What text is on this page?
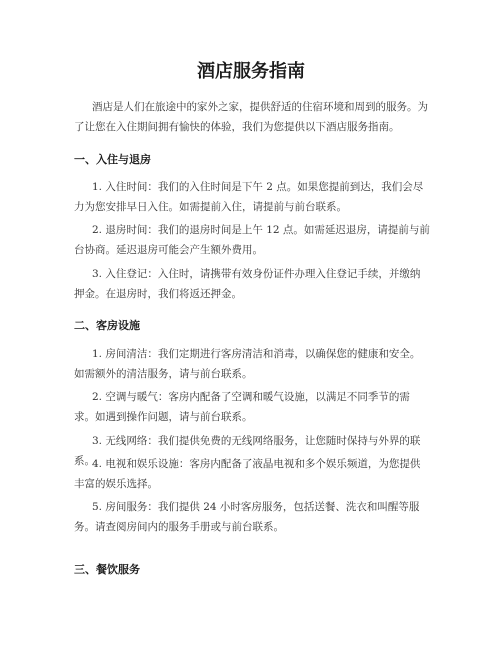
酒店服务指南

酒店是人们在旅途中的家外之家，提供舒适的住宿环境和周到的服务。为了让您在入住期间拥有愉快的体验，我们为您提供以下酒店服务指南。

一、入住与退房

1. 入住时间：我们的入住时间是下午 2 点。如果您提前到达，我们会尽力为您安排早日入住。如需提前入住，请提前与前台联系。

2. 退房时间：我们的退房时间是上午 12 点。如需延迟退房，请提前与前台协商。延迟退房可能会产生额外费用。

3. 入住登记：入住时，请携带有效身份证件办理入住登记手续，并缴纳押金。在退房时，我们将返还押金。

二、客房设施

1. 房间清洁：我们定期进行客房清洁和消毒，以确保您的健康和安全。如需额外的清洁服务，请与前台联系。

2. 空调与暖气：客房内配备了空调和暖气设施，以满足不同季节的需求。如遇到操作问题，请与前台联系。

3. 无线网络：我们提供免费的无线网络服务，让您随时保持与外界的联系。

4. 电视和娱乐设施：客房内配备了液晶电视和多个娱乐频道，为您提供丰富的娱乐选择。

5. 房间服务：我们提供 24 小时客房服务，包括送餐、洗衣和叫醒等服务。请查阅房间内的服务手册或与前台联系。

三、餐饮服务
